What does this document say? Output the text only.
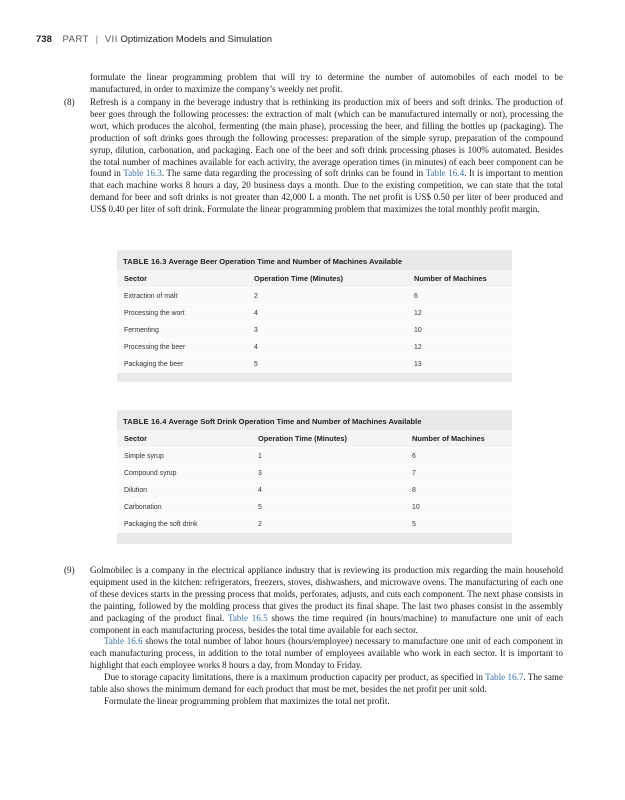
738 PART | VII Optimization Models and Simulation
formulate the linear programming problem that will try to determine the number of automobiles of each model to be manufactured, in order to maximize the company’s weekly net profit.
(8) Refresh is a company in the beverage industry that is rethinking its production mix of beers and soft drinks. The production of beer goes through the following processes: the extraction of malt (which can be manufactured internally or not), processing the wort, which produces the alcohol, fermenting (the main phase), processing the beer, and filling the bottles up (packaging). The production of soft drinks goes through the following processes: preparation of the simple syrup, preparation of the compound syrup, dilution, carbonation, and packaging. Each one of the beer and soft drink processing phases is 100% automated. Besides the total number of machines available for each activity, the average operation times (in minutes) of each beer component can be found in Table 16.3. The same data regarding the processing of soft drinks can be found in Table 16.4. It is important to mention that each machine works 8 hours a day, 20 business days a month. Due to the existing competition, we can state that the total demand for beer and soft drinks is not greater than 42,000 L a month. The net profit is US$ 0.50 per liter of beer produced and US$ 0.40 per liter of soft drink. Formulate the linear programming problem that maximizes the total monthly profit margin.
TABLE 16.3 Average Beer Operation Time and Number of Machines Available
Sector	Operation Time (Minutes)	Number of Machines
Extraction of malt	2	6
Processing the wort	4	12
Fermenting	3	10
Processing the beer	4	12
Packaging the beer	5	13
TABLE 16.4 Average Soft Drink Operation Time and Number of Machines Available
Sector	Operation Time (Minutes)	Number of Machines
Simple syrup	1	6
Compound syrup	3	7
Dilution	4	8
Carbonation	5	10
Packaging the soft drink	2	5
(9) Golmobilec is a company in the electrical appliance industry that is reviewing its production mix regarding the main household equipment used in the kitchen: refrigerators, freezers, stoves, dishwashers, and microwave ovens. The manufacturing of each one of these devices starts in the pressing process that molds, perforates, adjusts, and cuts each component. The next phase consists in the painting, followed by the molding process that gives the product its final shape. The last two phases consist in the assembly and packaging of the product final. Table 16.5 shows the time required (in hours/machine) to manufacture one unit of each component in each manufacturing process, besides the total time available for each sector.

Table 16.6 shows the total number of labor hours (hours/employee) necessary to manufacture one unit of each component in each manufacturing process, in addition to the total number of employees available who work in each sector. It is important to highlight that each employee works 8 hours a day, from Monday to Friday.

Due to storage capacity limitations, there is a maximum production capacity per product, as specified in Table 16.7. The same table also shows the minimum demand for each product that must be met, besides the net profit per unit sold.

Formulate the linear programming problem that maximizes the total net profit.
